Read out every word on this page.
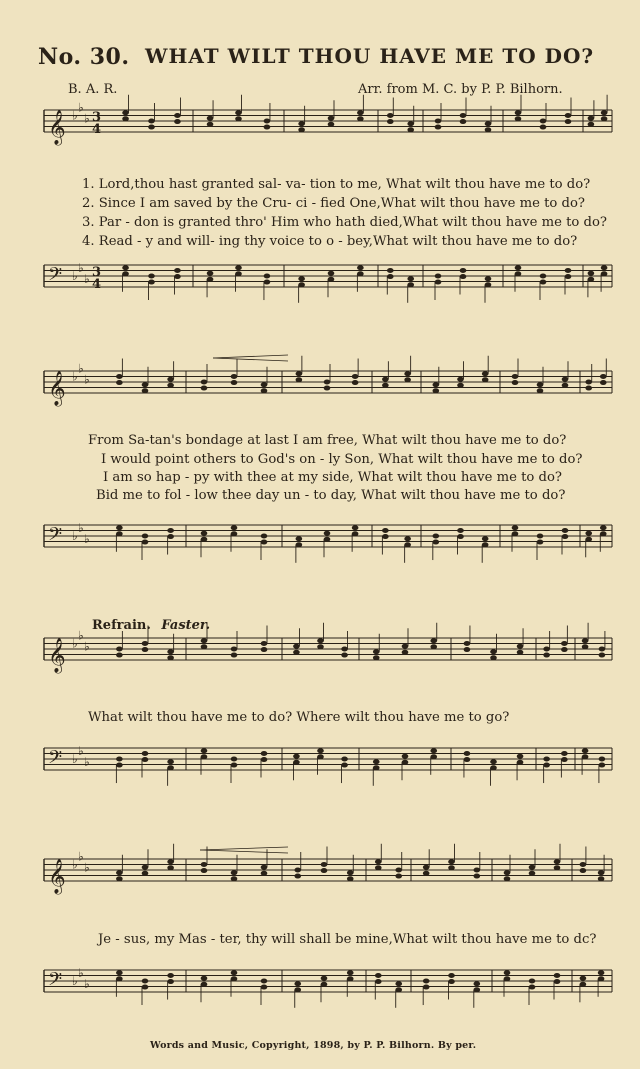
No. 30. WHAT WILT THOU HAVE ME TO DO?
B. A. R.	Arr. from M. C. by P. P. Bilhorn.
𝄞 ♭
♭
♭ 3
4
𝄢 ♭
♭
♭ 3
4
𝄞 ♭
♭
♭
𝄢 ♭
♭
♭
𝄞 ♭
♭
♭
𝄢 ♭
♭
♭
𝄞 ♭
♭
♭
𝄢 ♭
♭
♭
1. Lord,thou hast granted sal- va- tion to me, What wilt thou have me to do?
2. Since I am saved by the Cru- ci - fied One,What wilt thou have me to do?
3. Par - don is granted thro' Him who hath died,What wilt thou have me to do?
4. Read - y and will- ing thy voice to o - bey,What wilt thou have me to do?
From Sa-tan's bondage at last I am free, What wilt thou have me to do?
I would point others to God's on - ly Son, What wilt thou have me to do?
I am so hap - py with thee at my side, What wilt thou have me to do?
Bid me to fol - low thee day un - to day, What wilt thou have me to do?
Refrain. Faster.
What wilt thou have me to do? Where wilt thou have me to go?
Je - sus, my Mas - ter, thy will shall be mine,What wilt thou have me to dc?
Words and Music, Copyright, 1898, by P. P. Bilhorn. By per.
